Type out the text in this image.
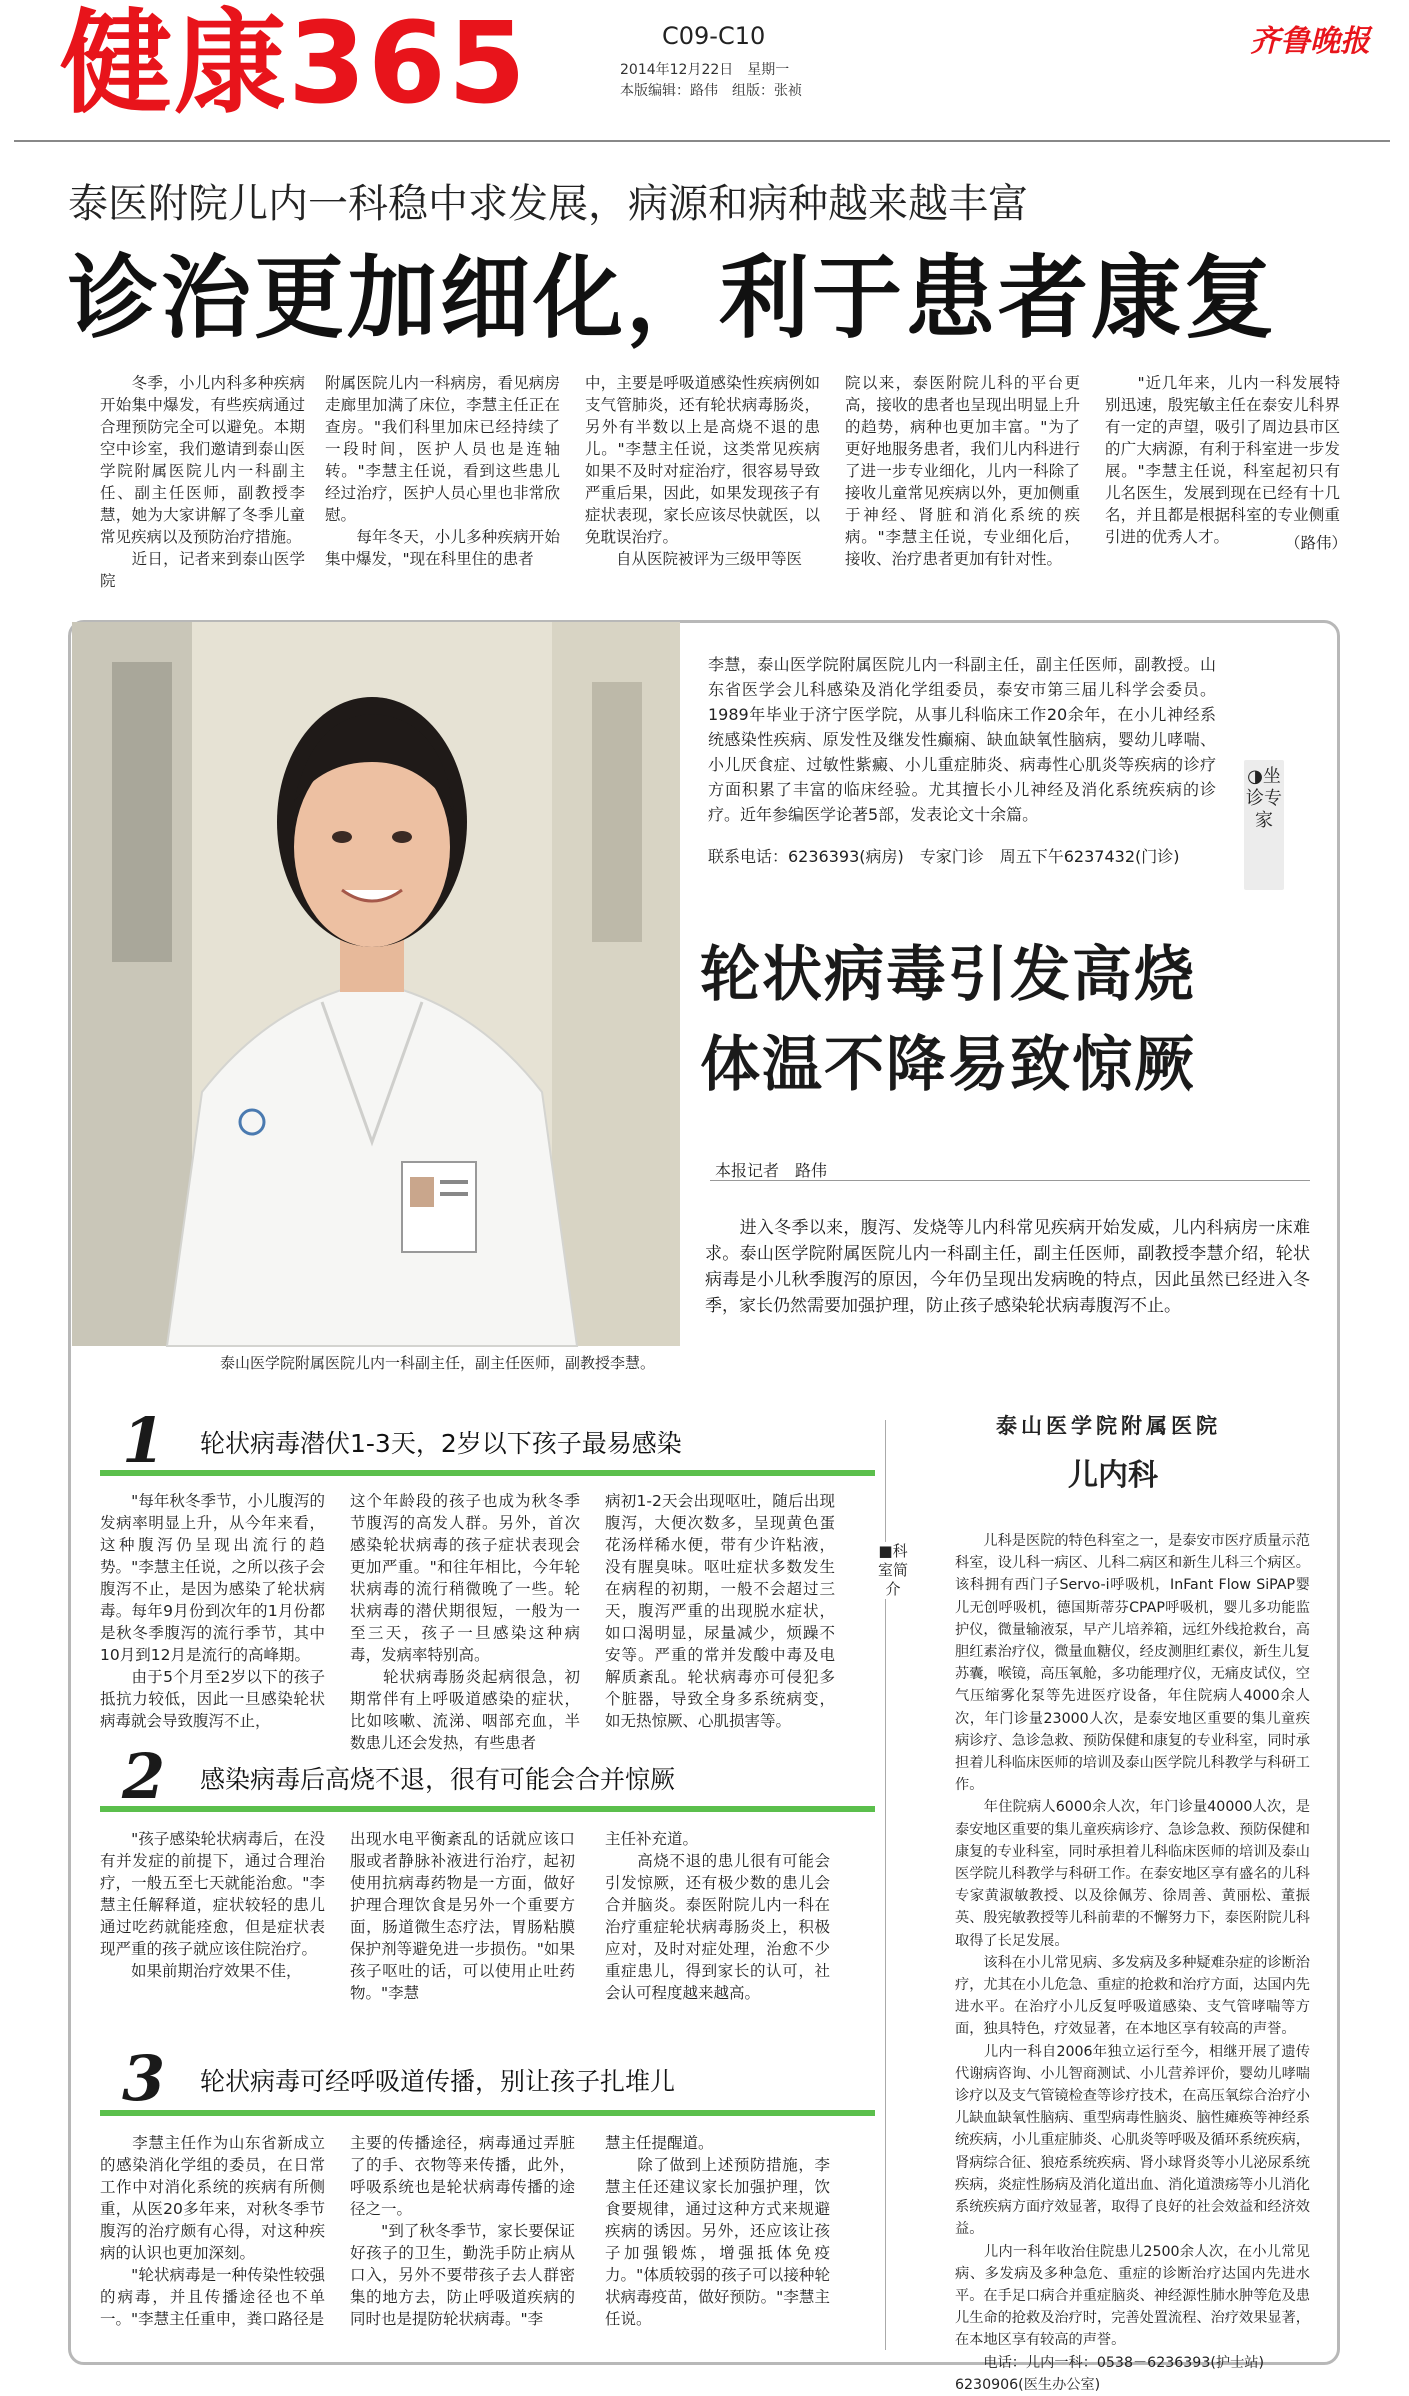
健康365	C09-C10
2014年12月22日　星期一
本版编辑：路伟　组版：张祯
齐鲁晚报
泰医附院儿内一科稳中求发展，病源和病种越来越丰富
诊治更加细化，利于患者康复
　　冬季，小儿内科多种疾病开始集中爆发，有些疾病通过合理预防完全可以避免。本期空中诊室，我们邀请到泰山医学院附属医院儿内一科副主任、副主任医师，副教授李慧，她为大家讲解了冬季儿童常见疾病以及预防治疗措施。
　　近日，记者来到泰山医学院
附属医院儿内一科病房，看见病房走廊里加满了床位，李慧主任正在查房。"我们科里加床已经持续了一段时间，医护人员也是连轴转。"李慧主任说，看到这些患儿经过治疗，医护人员心里也非常欣慰。
　　每年冬天，小儿多种疾病开始集中爆发，"现在科里住的患者
中，主要是呼吸道感染性疾病例如支气管肺炎，还有轮状病毒肠炎，另外有半数以上是高烧不退的患儿。"李慧主任说，这类常见疾病如果不及时对症治疗，很容易导致严重后果，因此，如果发现孩子有症状表现，家长应该尽快就医，以免耽误治疗。
　　自从医院被评为三级甲等医
院以来，泰医附院儿科的平台更高，接收的患者也呈现出明显上升的趋势，病种也更加丰富。"为了更好地服务患者，我们儿内科进行了进一步专业细化，儿内一科除了接收儿童常见疾病以外，更加侧重于神经、肾脏和消化系统的疾病。"李慧主任说，专业细化后，接收、治疗患者更加有针对性。
　　"近几年来，儿内一科发展特别迅速，殷宪敏主任在泰安儿科界有一定的声望，吸引了周边县市区的广大病源，有利于科室进一步发展。"李慧主任说，科室起初只有儿名医生，发展到现在已经有十几名，并且都是根据科室的专业侧重引进的优秀人才。	（路伟）
泰山医学院附属医院儿内一科副主任，副主任医师，副教授李慧。
李慧，泰山医学院附属医院儿内一科副主任，副主任医师，副教授。山东省医学会儿科感染及消化学组委员，泰安市第三届儿科学会委员。1989年毕业于济宁医学院，从事儿科临床工作20余年，在小儿神经系统感染性疾病、原发性及继发性癫痫、缺血缺氧性脑病，婴幼儿哮喘、小儿厌食症、过敏性紫癜、小儿重症肺炎、病毒性心肌炎等疾病的诊疗方面积累了丰富的临床经验。尤其擅长小儿神经及消化系统疾病的诊疗。近年参编医学论著5部，发表论文十余篇。
联系电话：6236393(病房)　专家门诊　周五下午6237432(门诊)
◑坐诊专家
轮状病毒引发高烧
体温不降易致惊厥
本报记者　路伟
　　进入冬季以来，腹泻、发烧等儿内科常见疾病开始发威，儿内科病房一床难求。泰山医学院附属医院儿内一科副主任，副主任医师，副教授李慧介绍，轮状病毒是小儿秋季腹泻的原因，今年仍呈现出发病晚的特点，因此虽然已经进入冬季，家长仍然需要加强护理，防止孩子感染轮状病毒腹泻不止。
1 轮状病毒潜伏1-3天，2岁以下孩子最易感染
　　"每年秋冬季节，小儿腹泻的发病率明显上升，从今年来看，这种腹泻仍呈现出流行的趋势。"李慧主任说，之所以孩子会腹泻不止，是因为感染了轮状病毒。每年9月份到次年的1月份都是秋冬季腹泻的流行季节，其中10月到12月是流行的高峰期。
　　由于5个月至2岁以下的孩子抵抗力较低，因此一旦感染轮状病毒就会导致腹泻不止，
这个年龄段的孩子也成为秋冬季节腹泻的高发人群。另外，首次感染轮状病毒的孩子症状表现会更加严重。"和往年相比，今年轮状病毒的流行稍微晚了一些。轮状病毒的潜伏期很短，一般为一至三天，孩子一旦感染这种病毒，发病率特别高。
　　轮状病毒肠炎起病很急，初期常伴有上呼吸道感染的症状，比如咳嗽、流涕、咽部充血，半数患儿还会发热，有些患者
病初1-2天会出现呕吐，随后出现腹泻，大便次数多，呈现黄色蛋花汤样稀水便，带有少许粘液，没有腥臭味。呕吐症状多数发生在病程的初期，一般不会超过三天，腹泻严重的出现脱水症状，如口渴明显，尿量减少，烦躁不安等。严重的常并发酸中毒及电解质紊乱。轮状病毒亦可侵犯多个脏器，导致全身多系统病变，如无热惊厥、心肌损害等。
2 感染病毒后高烧不退，很有可能会合并惊厥
　　"孩子感染轮状病毒后，在没有并发症的前提下，通过合理治疗，一般五至七天就能治愈。"李慧主任解释道，症状较轻的患儿通过吃药就能痊愈，但是症状表现严重的孩子就应该住院治疗。
　　如果前期治疗效果不佳，
出现水电平衡紊乱的话就应该口服或者静脉补液进行治疗，起初使用抗病毒药物是一方面，做好护理合理饮食是另外一个重要方面，肠道微生态疗法，胃肠粘膜保护剂等避免进一步损伤。"如果孩子呕吐的话，可以使用止吐药物。"李慧
主任补充道。
　　高烧不退的患儿很有可能会引发惊厥，还有极少数的患儿会合并脑炎。泰医附院儿内一科在治疗重症轮状病毒肠炎上，积极应对，及时对症处理，治愈不少重症患儿，得到家长的认可，社会认可程度越来越高。
3 轮状病毒可经呼吸道传播，别让孩子扎堆儿
　　李慧主任作为山东省新成立的感染消化学组的委员，在日常工作中对消化系统的疾病有所侧重，从医20多年来，对秋冬季节腹泻的治疗颇有心得，对这种疾病的认识也更加深刻。
　　"轮状病毒是一种传染性较强的病毒，并且传播途径也不单一。"李慧主任重申，粪口路径是
主要的传播途径，病毒通过弄脏了的手、衣物等来传播，此外，呼吸系统也是轮状病毒传播的途径之一。
　　"到了秋冬季节，家长要保证好孩子的卫生，勤洗手防止病从口入，另外不要带孩子去人群密集的地方去，防止呼吸道疾病的同时也是提防轮状病毒。"李
慧主任提醒道。
　　除了做到上述预防措施，李慧主任还建议家长加强护理，饮食要规律，通过这种方式来规避疾病的诱因。另外，还应该让孩子加强锻炼，增强抵体免疫力。"体质较弱的孩子可以接种轮状病毒疫苗，做好预防。"李慧主任说。
泰山医学院附属医院
儿内科
■科室简介
　　儿科是医院的特色科室之一，是泰安市医疗质量示范科室，设儿科一病区、儿科二病区和新生儿科三个病区。该科拥有西门子Servo-i呼吸机，InFant Flow SiPAP婴儿无创呼吸机，德国斯蒂芬CPAP呼吸机，婴儿多功能监护仪，微量输液泵，早产儿培养箱，远红外线抢救台，高胆红素治疗仪，微量血糖仪，经皮测胆红素仪，新生儿复苏囊，喉镜，高压氧舱，多功能理疗仪，无痛皮试仪，空气压缩雾化泵等先进医疗设备，年住院病人4000余人次，年门诊量23000人次，是泰安地区重要的集儿童疾病诊疗、急诊急救、预防保健和康复的专业科室，同时承担着儿科临床医师的培训及泰山医学院儿科教学与科研工作。
　　年住院病人6000余人次，年门诊量40000人次，是泰安地区重要的集儿童疾病诊疗、急诊急救、预防保健和康复的专业科室，同时承担着儿科临床医师的培训及泰山医学院儿科教学与科研工作。在泰安地区享有盛名的儿科专家黄淑敏教授、以及徐佩芳、徐周善、黄丽松、董振英、殷宪敏教授等儿科前辈的不懈努力下，泰医附院儿科取得了长足发展。
　　该科在小儿常见病、多发病及多种疑难杂症的诊断治疗，尤其在小儿危急、重症的抢救和治疗方面，达国内先进水平。在治疗小儿反复呼吸道感染、支气管哮喘等方面，独具特色，疗效显著，在本地区享有较高的声誉。
　　儿内一科自2006年独立运行至今，相继开展了遗传代谢病咨询、小儿智商测试、小儿营养评价，婴幼儿哮喘诊疗以及支气管镜检查等诊疗技术，在高压氧综合治疗小儿缺血缺氧性脑病、重型病毒性脑炎、脑性瘫痪等神经系统疾病，小儿重症肺炎、心肌炎等呼吸及循环系统疾病，肾病综合征、狼疮系统疾病、肾小球肾炎等小儿泌尿系统疾病，炎症性肠病及消化道出血、消化道溃疡等小儿消化系统疾病方面疗效显著，取得了良好的社会效益和经济效益。
　　儿内一科年收治住院患儿2500余人次，在小儿常见病、多发病及多种急危、重症的诊断治疗达国内先进水平。在手足口病合并重症脑炎、神经源性肺水肿等危及患儿生命的抢救及治疗时，完善处置流程、治疗效果显著，在本地区享有较高的声誉。
　　电话：儿内一科：0538－6236393(护士站)
6230906(医生办公室)
